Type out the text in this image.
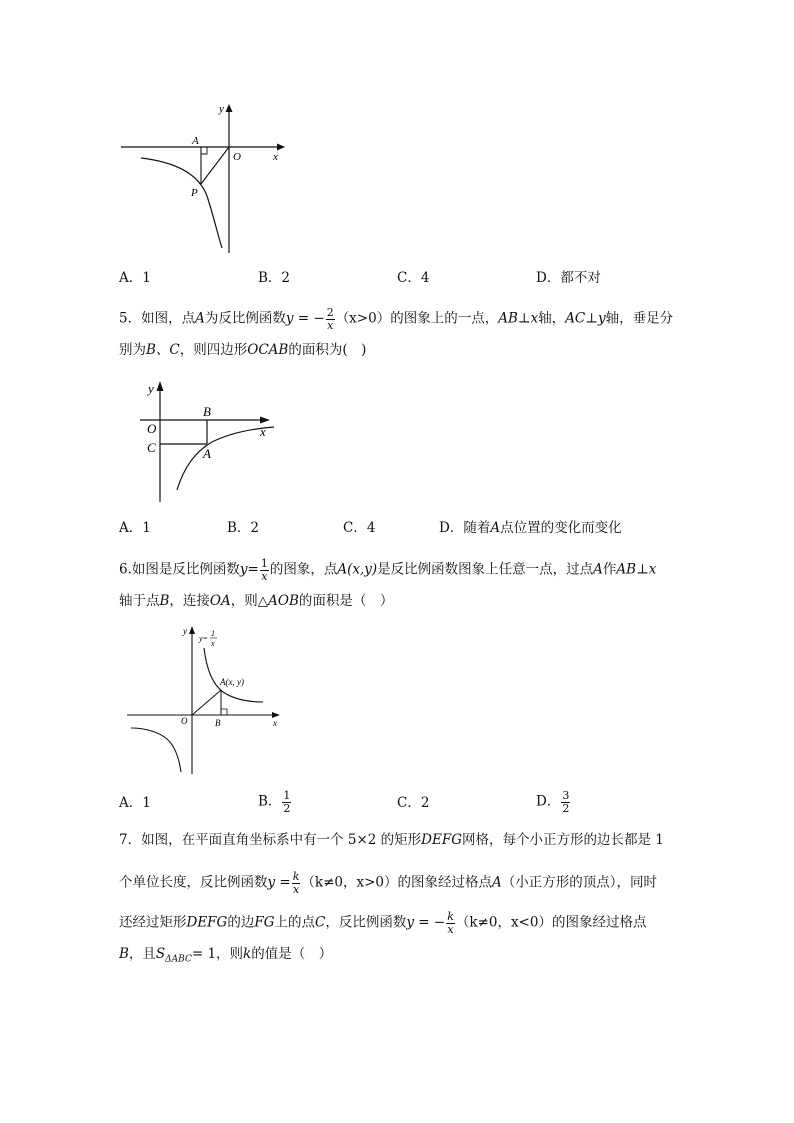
y
x
O
A
P
A．1	B．2	C．4	D．都不对
5．如图，点A为反比例函数y = − $\frac{2}{x} (x>0)$的图象上的一点，AB⊥x轴，AC⊥y轴，垂足分
别为B、C，则四边形OCAB的面积为(　)
y
x
O
B
C	A
A．1	B．2	C．4	D．随着A点位置的变化而变化
6.如图是反比例函数$y= \frac{1}{x}$ 的图象，点A(x,y)是反比例函数图象上任意一点，过点A作AB⊥x
轴于点B，连接OA，则△AOB的面积是（　）
y
x
O	B
y=
1
x
A(x, y)
A．1	B． $\frac{1}{2}$	C．2	D． $\frac{3}{2}$
7．如图，在平面直角坐标系中有一个 5×2 的矩形DEFG网格，每个小正方形的边长都是 1
个单位长度，反比例函数$y = \frac{k}{x} (k\ne 0$，x>0）的图象经过格点A（小正方形的顶点），同时
还经过矩形DEFG的边FG上的点C，反比例函数y = − $\frac{k}{x} (k\ne 0$，x<0）的图象经过格点
B，且$S_{\Delta ABC}= 1$，则k的值是（　）
